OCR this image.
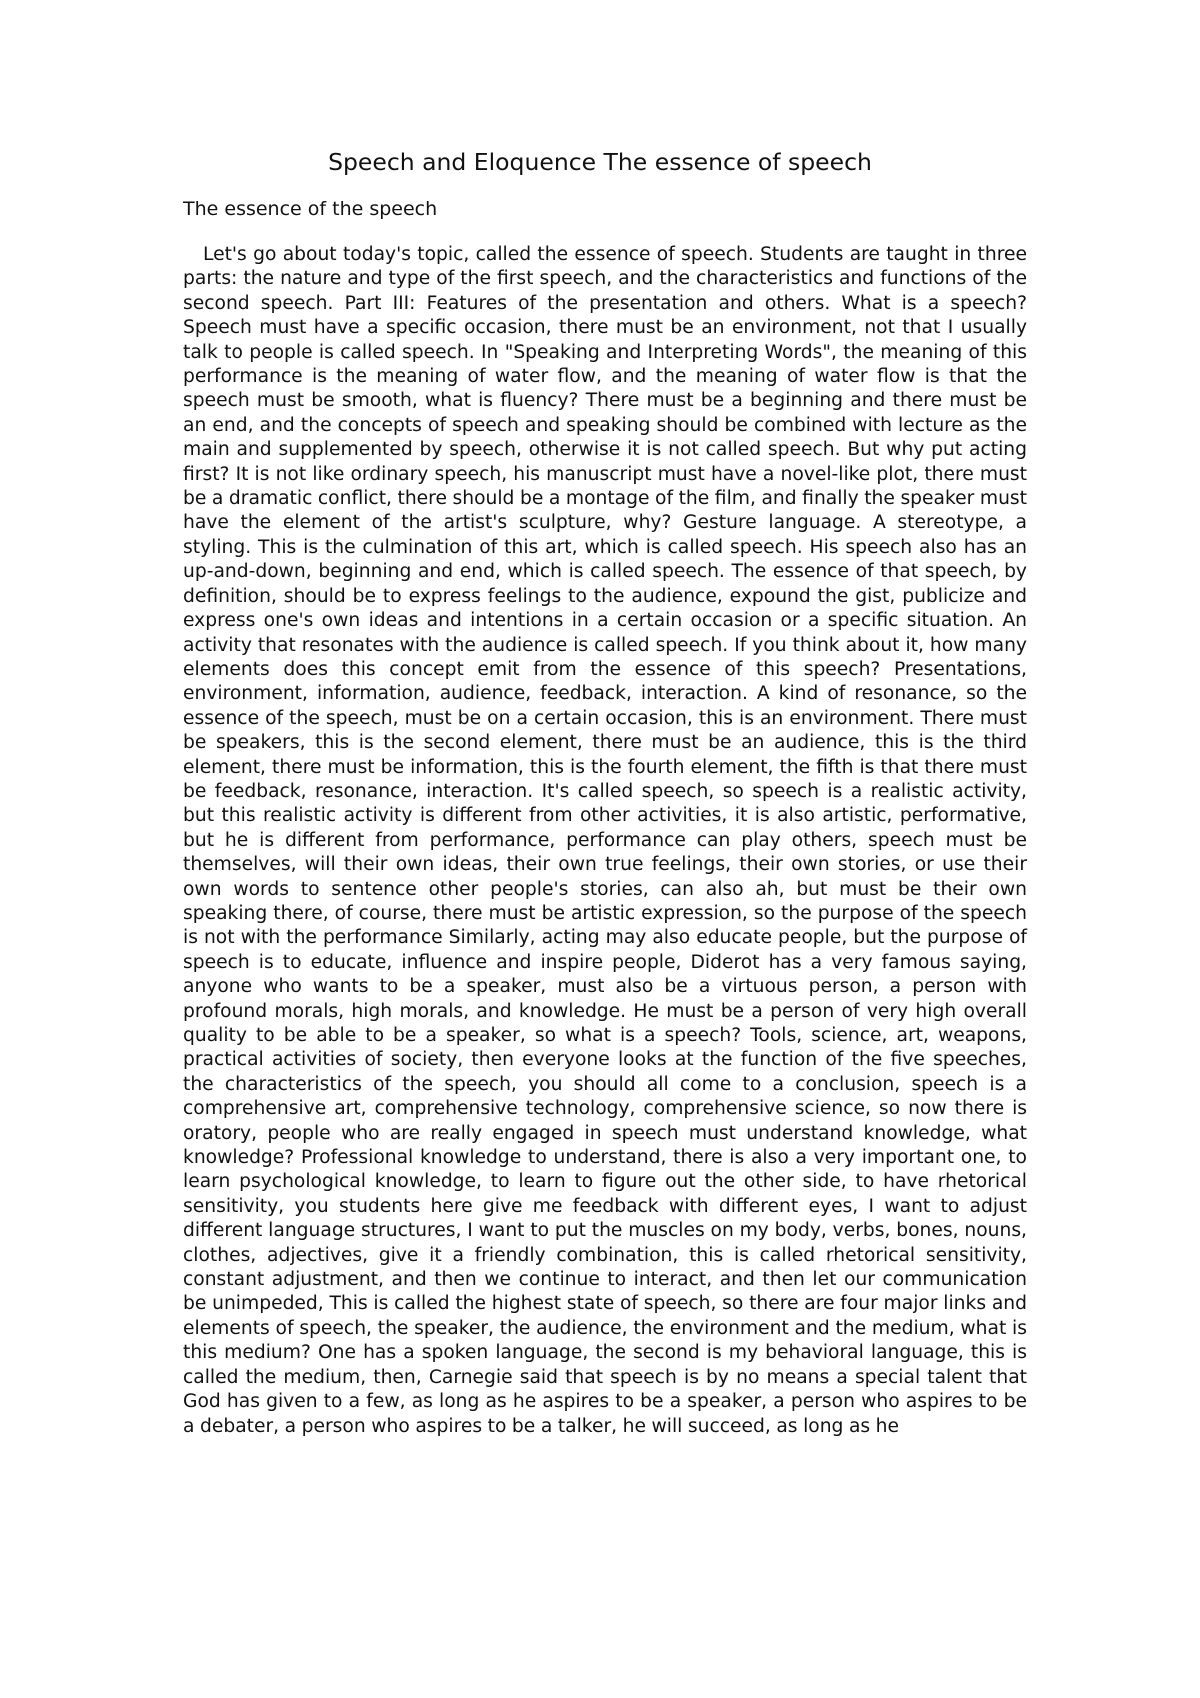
Speech and Eloquence The essence of speech

The essence of the speech

Let's go about today's topic, called the essence of speech. Students are taught in three parts: the nature and type of the first speech, and the characteristics and functions of the second speech. Part III: Features of the presentation and others. What is a speech? Speech must have a specific occasion, there must be an environment, not that I usually talk to people is called speech. In "Speaking and Interpreting Words", the meaning of this performance is the meaning of water flow, and the meaning of water flow is that the speech must be smooth, what is fluency? There must be a beginning and there must be an end, and the concepts of speech and speaking should be combined with lecture as the main and supplemented by speech, otherwise it is not called speech. But why put acting first? It is not like ordinary speech, his manuscript must have a novel-like plot, there must be a dramatic conflict, there should be a montage of the film, and finally the speaker must have the element of the artist's sculpture, why? Gesture language. A stereotype, a styling. This is the culmination of this art, which is called speech. His speech also has an up-and-down, beginning and end, which is called speech. The essence of that speech, by definition, should be to express feelings to the audience, expound the gist, publicize and express one's own ideas and intentions in a certain occasion or a specific situation. An activity that resonates with the audience is called speech. If you think about it, how many elements does this concept emit from the essence of this speech? Presentations, environment, information, audience, feedback, interaction. A kind of resonance, so the essence of the speech, must be on a certain occasion, this is an environment. There must be speakers, this is the second element, there must be an audience, this is the third element, there must be information, this is the fourth element, the fifth is that there must be feedback, resonance, interaction. It's called speech, so speech is a realistic activity, but this realistic activity is different from other activities, it is also artistic, performative, but he is different from performance, performance can play others, speech must be themselves, will their own ideas, their own true feelings, their own stories, or use their own words to sentence other people's stories, can also ah, but must be their own speaking there, of course, there must be artistic expression, so the purpose of the speech is not with the performance Similarly, acting may also educate people, but the purpose of speech is to educate, influence and inspire people, Diderot has a very famous saying, anyone who wants to be a speaker, must also be a virtuous person, a person with profound morals, high morals, and knowledge. He must be a person of very high overall quality to be able to be a speaker, so what is a speech? Tools, science, art, weapons, practical activities of society, then everyone looks at the function of the five speeches, the characteristics of the speech, you should all come to a conclusion, speech is a comprehensive art, comprehensive technology, comprehensive science, so now there is oratory, people who are really engaged in speech must understand knowledge, what knowledge? Professional knowledge to understand, there is also a very important one, to learn psychological knowledge, to learn to figure out the other side, to have rhetorical sensitivity, you students here give me feedback with different eyes, I want to adjust different language structures, I want to put the muscles on my body, verbs, bones, nouns, clothes, adjectives, give it a friendly combination, this is called rhetorical sensitivity, constant adjustment, and then we continue to interact, and then let our communication be unimpeded, This is called the highest state of speech, so there are four major links and elements of speech, the speaker, the audience, the environment and the medium, what is this medium? One has a spoken language, the second is my behavioral language, this is called the medium, then, Carnegie said that speech is by no means a special talent that God has given to a few, as long as he aspires to be a speaker, a person who aspires to be a debater, a person who aspires to be a talker, he will succeed, as long as he
